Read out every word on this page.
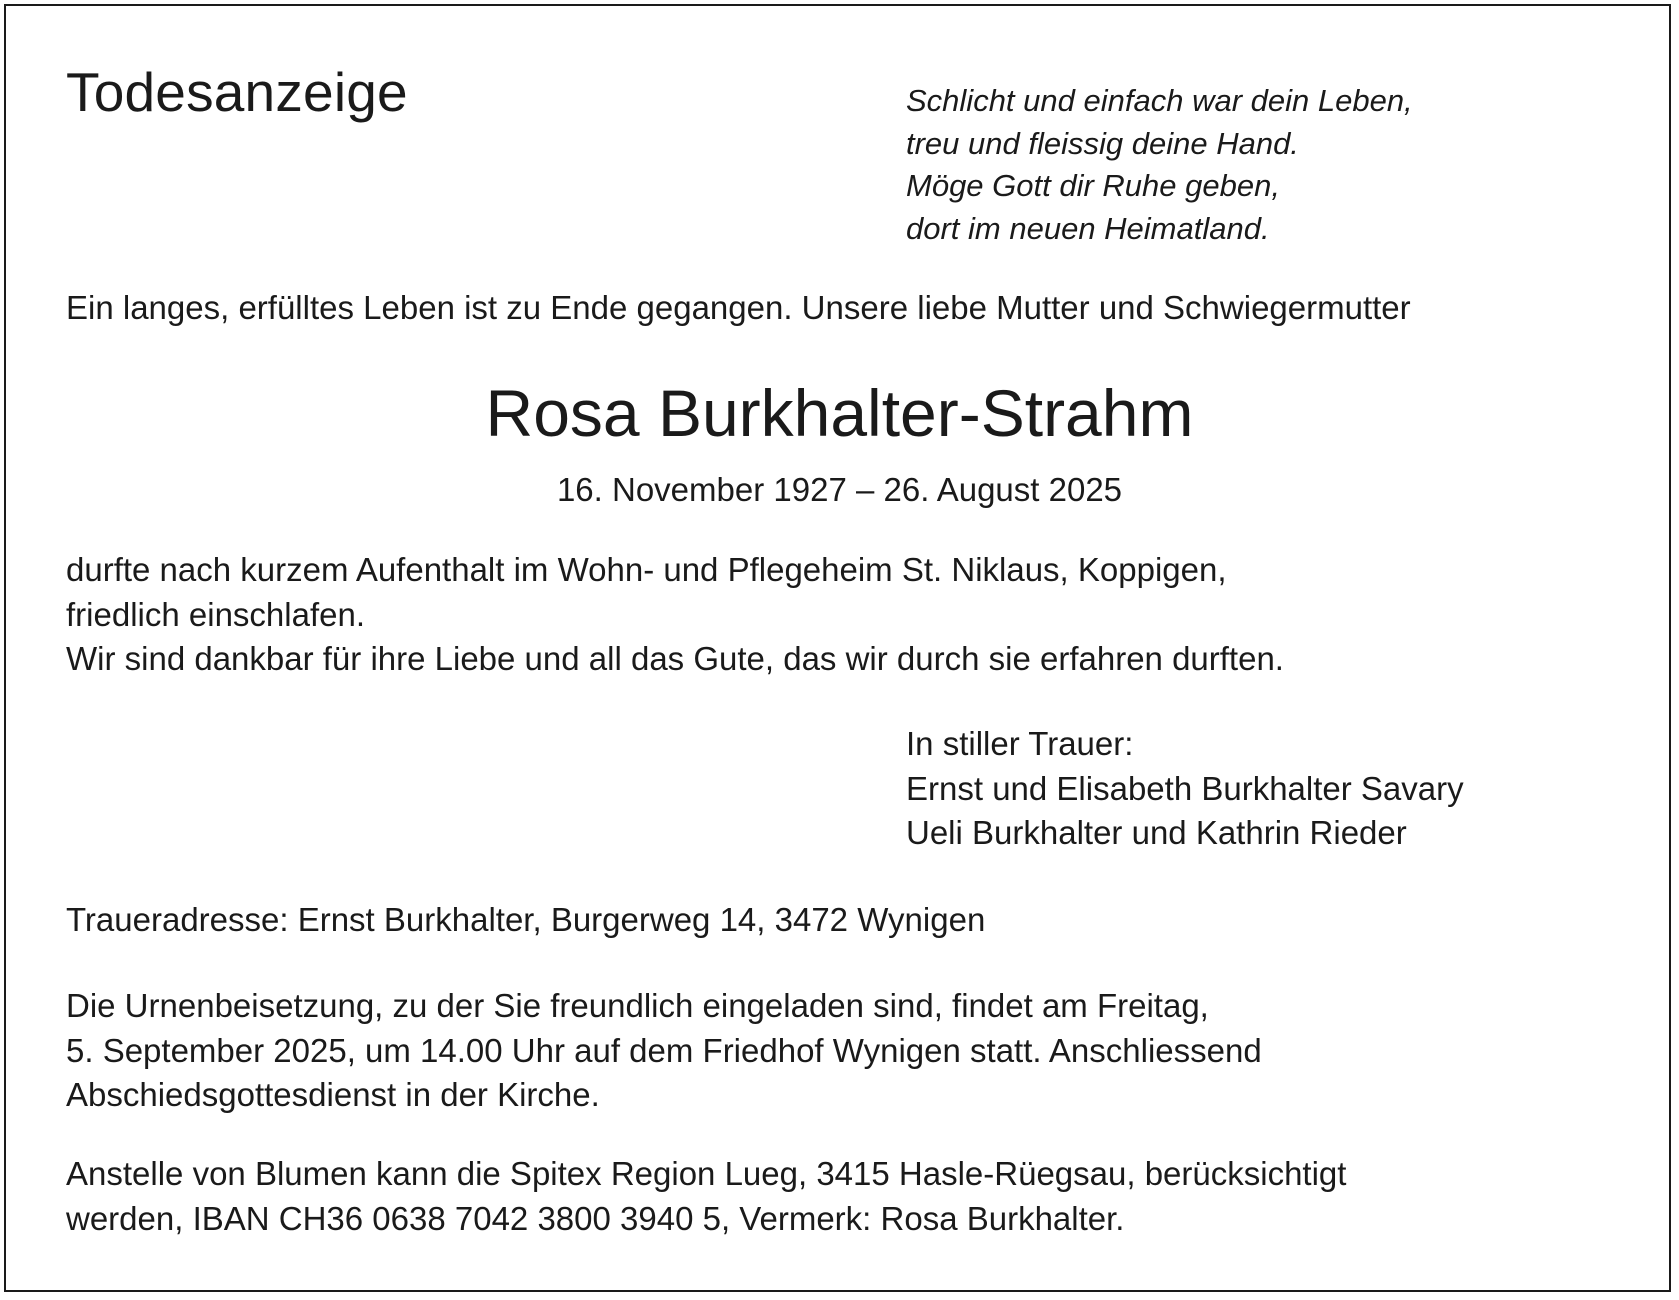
Todesanzeige	Schlicht und einfach war dein Leben,
treu und fleissig deine Hand.
Möge Gott dir Ruhe geben,
dort im neuen Heimatland.
Ein langes, erfülltes Leben ist zu Ende gegangen. Unsere liebe Mutter und Schwiegermutter
Rosa Burkhalter-Strahm
16. November 1927 – 26. August 2025
durfte nach kurzem Aufenthalt im Wohn- und Pflegeheim St. Niklaus, Koppigen,
friedlich einschlafen.
Wir sind dankbar für ihre Liebe und all das Gute, das wir durch sie erfahren durften.
In stiller Trauer:
Ernst und Elisabeth Burkhalter Savary
Ueli Burkhalter und Kathrin Rieder
Traueradresse: Ernst Burkhalter, Burgerweg 14, 3472 Wynigen
Die Urnenbeisetzung, zu der Sie freundlich eingeladen sind, findet am Freitag,
5. September 2025, um 14.00 Uhr auf dem Friedhof Wynigen statt. Anschliessend
Abschiedsgottesdienst in der Kirche.
Anstelle von Blumen kann die Spitex Region Lueg, 3415 Hasle-Rüegsau, berücksichtigt
werden, IBAN CH36 0638 7042 3800 3940 5, Vermerk: Rosa Burkhalter.
